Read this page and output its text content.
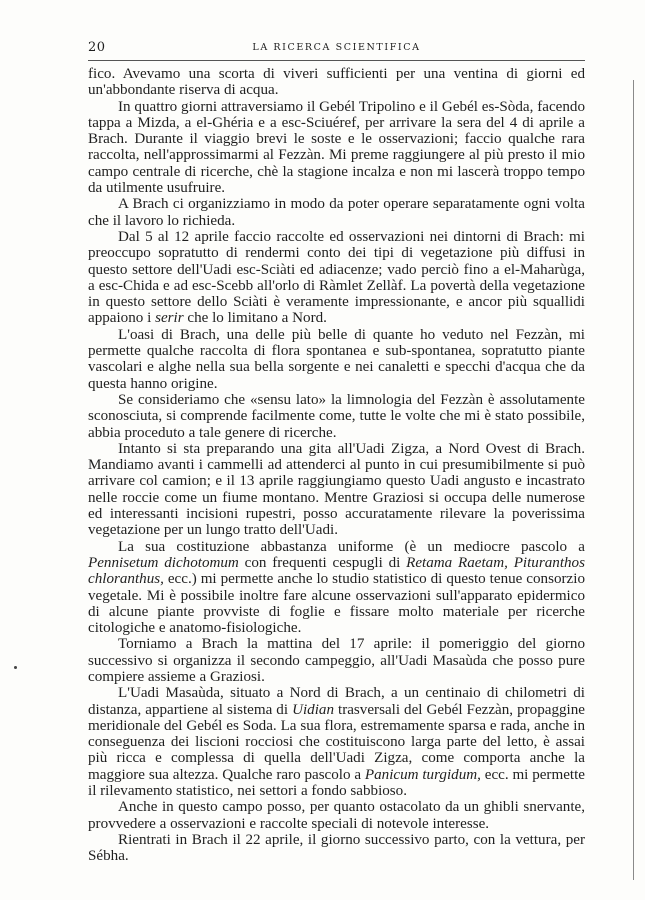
20	LA RICERCA SCIENTIFICA

fico. Avevamo una scorta di viveri sufficienti per una ventina di giorni ed un'abbondante riserva di acqua.

In quattro giorni attraversiamo il Gebél Tripolino e il Gebél es-Sòda, facendo tappa a Mizda, a el-Ghéria e a esc-Sciuéref, per arrivare la sera del 4 di aprile a Brach. Durante il viaggio brevi le soste e le osservazioni; faccio qualche rara raccolta, nell'approssimarmi al Fezzàn. Mi preme raggiungere al più presto il mio campo centrale di ricerche, chè la stagione incalza e non mi lascerà troppo tempo da utilmente usufruire.

A Brach ci organizziamo in modo da poter operare separatamente ogni volta che il lavoro lo richieda.

Dal 5 al 12 aprile faccio raccolte ed osservazioni nei dintorni di Brach: mi preoccupo sopratutto di rendermi conto dei tipi di vegetazione più diffusi in questo settore dell'Uadi esc-Sciàti ed adiacenze; vado perciò fino a el-Maharùga, a esc-Chida e ad esc-Scebb all'orlo di Ràmlet Zellàf. La povertà della vegetazione in questo settore dello Sciàti è veramente impressionante, e ancor più squallidi appaiono i serir che lo limitano a Nord.

L'oasi di Brach, una delle più belle di quante ho veduto nel Fezzàn, mi permette qualche raccolta di flora spontanea e sub-spontanea, sopratutto piante vascolari e alghe nella sua bella sorgente e nei canaletti e specchi d'acqua che da questa hanno origine.

Se consideriamo che «sensu lato» la limnologia del Fezzàn è assolutamente sconosciuta, si comprende facilmente come, tutte le volte che mi è stato possibile, abbia proceduto a tale genere di ricerche.

Intanto si sta preparando una gita all'Uadi Zigza, a Nord Ovest di Brach. Mandiamo avanti i cammelli ad attenderci al punto in cui presumibilmente si può arrivare col camion; e il 13 aprile raggiungiamo questo Uadi angusto e incastrato nelle roccie come un fiume montano. Mentre Graziosi si occupa delle numerose ed interessanti incisioni rupestri, posso accuratamente rilevare la poverissima vegetazione per un lungo tratto dell'Uadi.

La sua costituzione abbastanza uniforme (è un mediocre pascolo a Pennisetum dichotomum con frequenti cespugli di Retama Raetam, Pituranthos chloranthus, ecc.) mi permette anche lo studio statistico di questo tenue consorzio vegetale. Mi è possibile inoltre fare alcune osservazioni sull'apparato epidermico di alcune piante provviste di foglie e fissare molto materiale per ricerche citologiche e anatomo-fisiologiche.

Torniamo a Brach la mattina del 17 aprile: il pomeriggio del giorno successivo si organizza il secondo campeggio, all'Uadi Masaùda che posso pure compiere assieme a Graziosi.

L'Uadi Masaùda, situato a Nord di Brach, a un centinaio di chilometri di distanza, appartiene al sistema di Uidian trasversali del Gebél Fezzàn, propaggine meridionale del Gebél es Soda. La sua flora, estremamente sparsa e rada, anche in conseguenza dei liscioni rocciosi che costituiscono larga parte del letto, è assai più ricca e complessa di quella dell'Uadi Zigza, come comporta anche la maggiore sua altezza. Qualche raro pascolo a Panicum turgidum, ecc. mi permette il rilevamento statistico, nei settori a fondo sabbioso.

Anche in questo campo posso, per quanto ostacolato da un ghibli snervante, provvedere a osservazioni e raccolte speciali di notevole interesse.

Rientrati in Brach il 22 aprile, il giorno successivo parto, con la vettura, per Sébha.
